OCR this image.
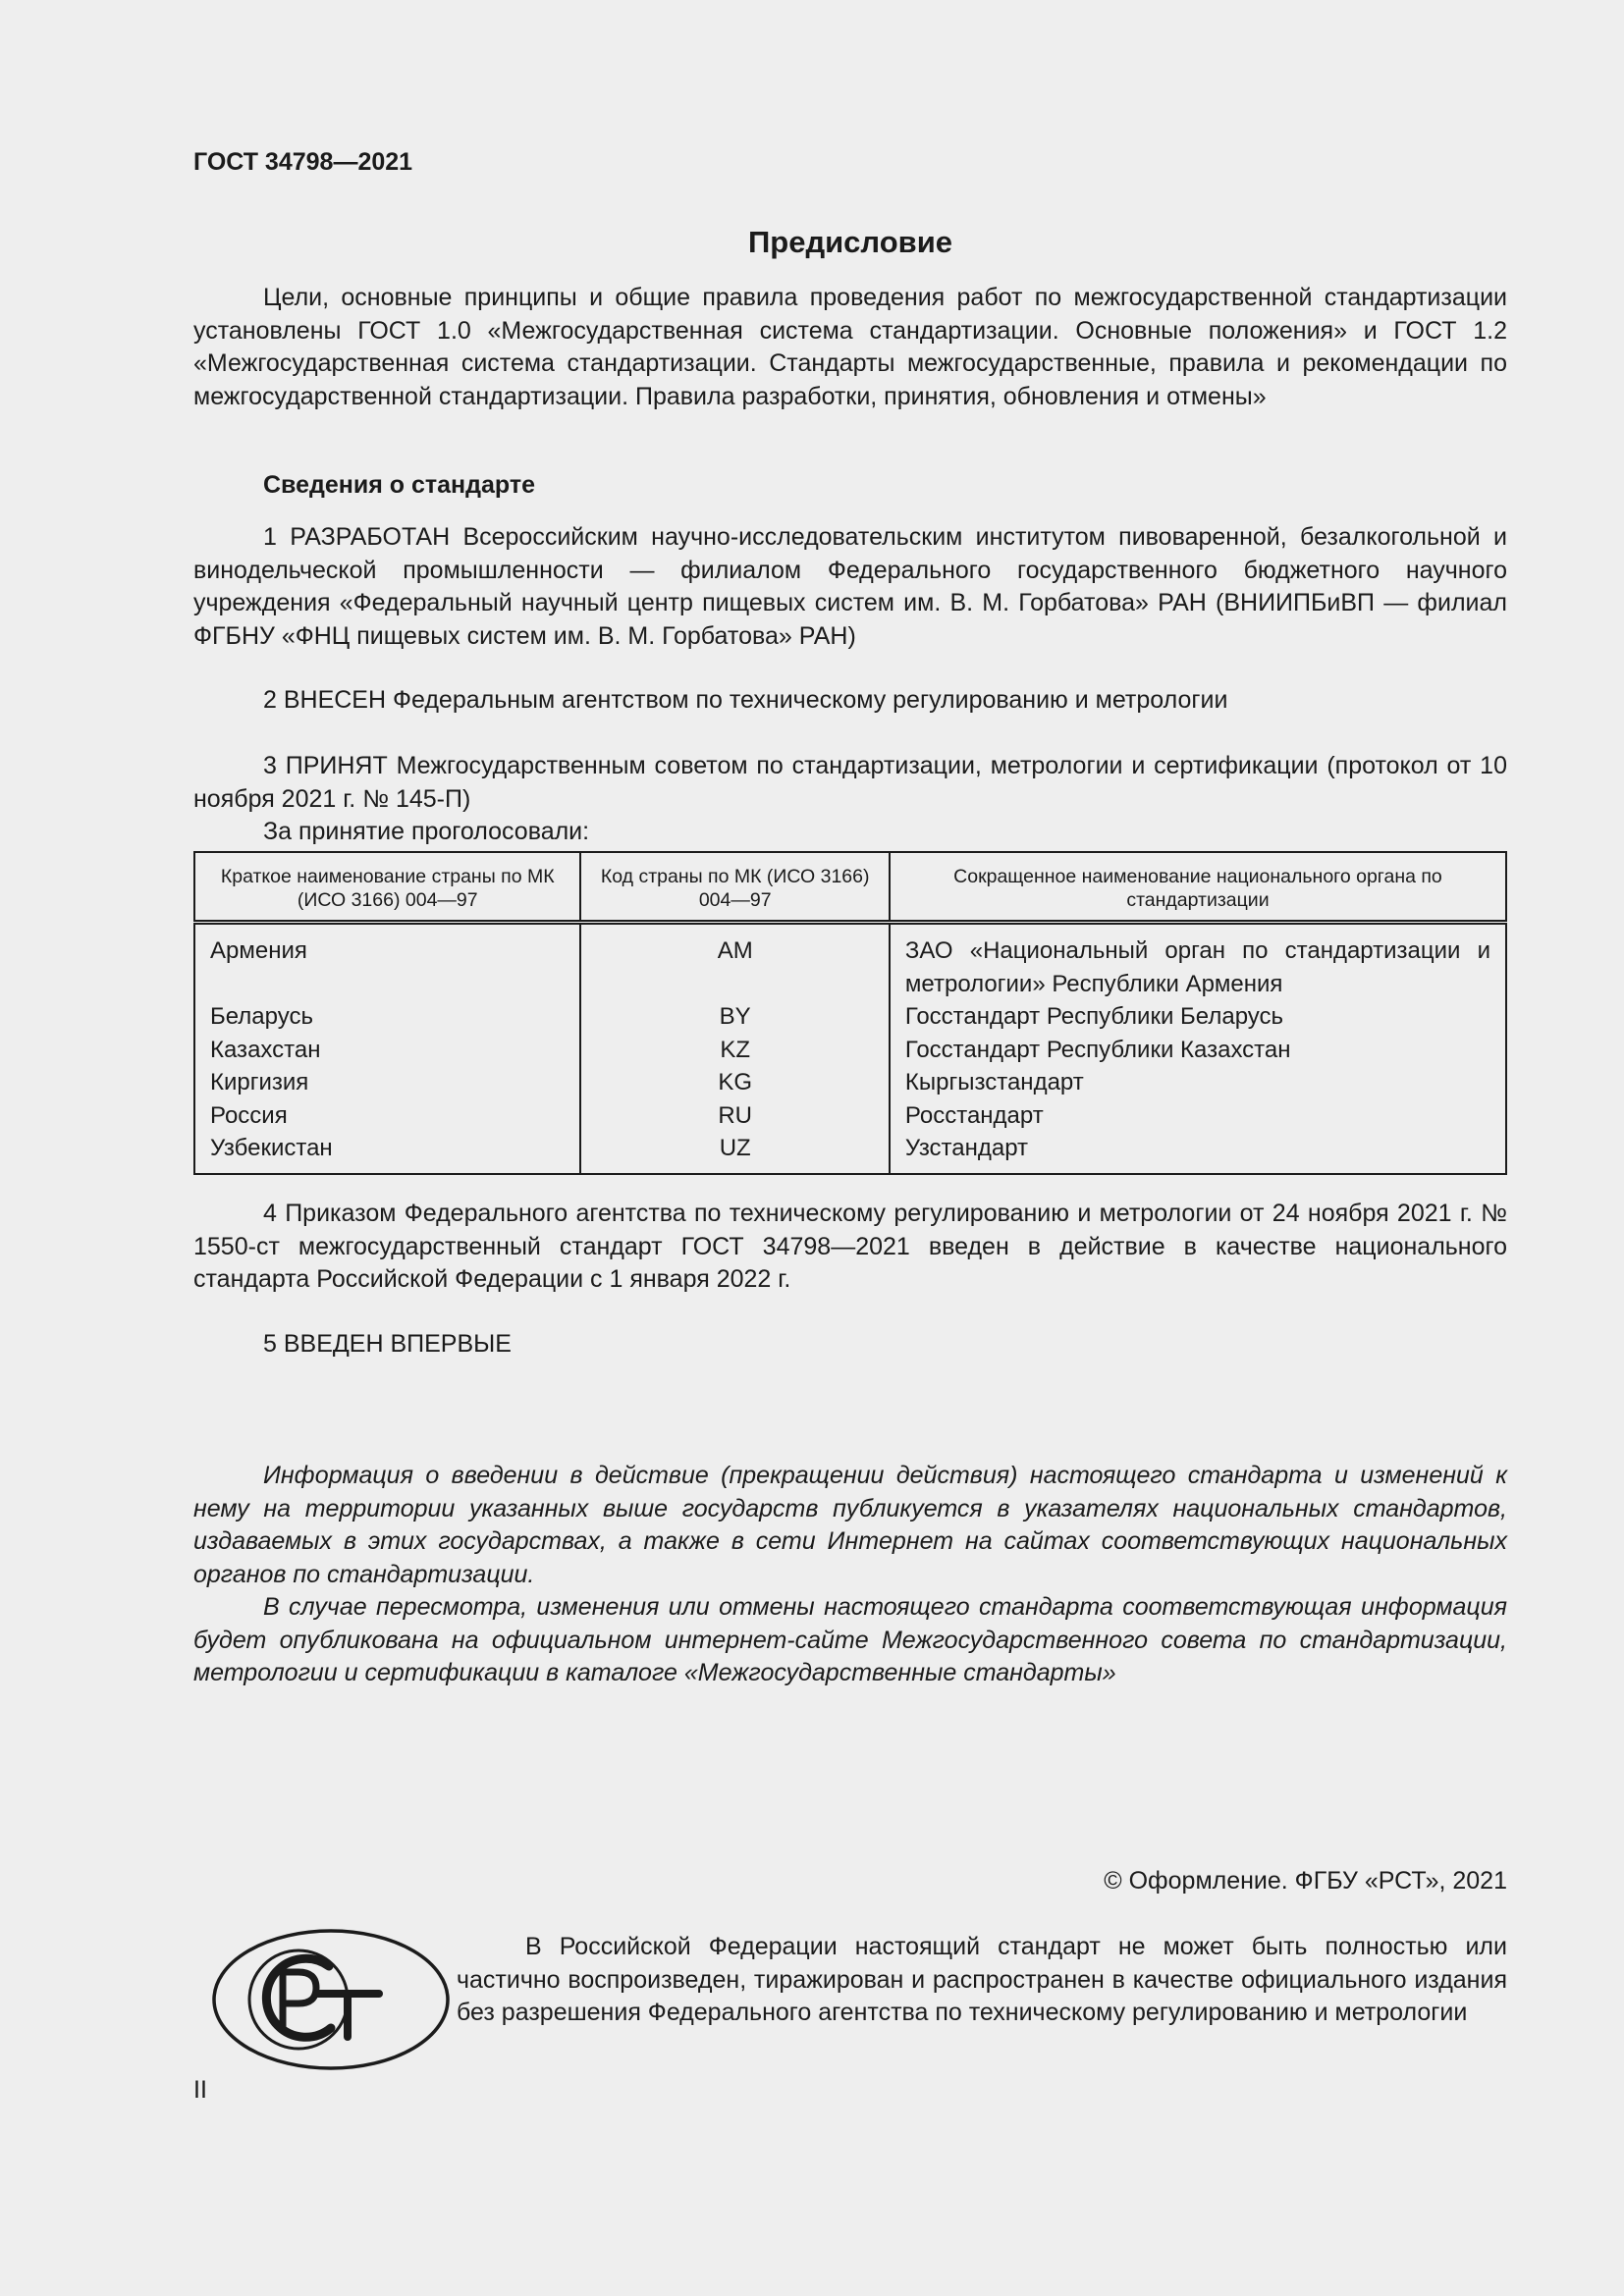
ГОСТ 34798—2021
Предисловие

Цели, основные принципы и общие правила проведения работ по межгосударственной стандартизации установлены ГОСТ 1.0 «Межгосударственная система стандартизации. Основные положения» и ГОСТ 1.2 «Межгосударственная система стандартизации. Стандарты межгосударственные, правила и рекомендации по межгосударственной стандартизации. Правила разработки, принятия, обновления и отмены»

Сведения о стандарте

1 РАЗРАБОТАН Всероссийским научно-исследовательским институтом пивоваренной, безалкогольной и винодельческой промышленности — филиалом Федерального государственного бюджетного научного учреждения «Федеральный научный центр пищевых систем им. В. М. Горбатова» РАН (ВНИИПБиВП — филиал ФГБНУ «ФНЦ пищевых систем им. В. М. Горбатова» РАН)

2 ВНЕСЕН Федеральным агентством по техническому регулированию и метрологии

3 ПРИНЯТ Межгосударственным советом по стандартизации, метрологии и сертификации (протокол от 10 ноября 2021 г. № 145-П)

За принятие проголосовали:

Краткое наименование страны по МК (ИСО 3166) 004—97	Код страны по МК (ИСО 3166) 004—97	Сокращенное наименование национального органа по стандартизации
Армения	AM	ЗАО «Национальный орган по стандартизации и метрологии» Республики Армения
Беларусь	BY	Госстандарт Республики Беларусь
Казахстан	KZ	Госстандарт Республики Казахстан
Киргизия	KG	Кыргызстандарт
Россия	RU	Росстандарт
Узбекистан	UZ	Узстандарт

4 Приказом Федерального агентства по техническому регулированию и метрологии от 24 ноября 2021 г. № 1550-ст межгосударственный стандарт ГОСТ 34798—2021 введен в действие в качестве национального стандарта Российской Федерации с 1 января 2022 г.

5 ВВЕДЕН ВПЕРВЫЕ

Информация о введении в действие (прекращении действия) настоящего стандарта и изменений к нему на территории указанных выше государств публикуется в указателях национальных стандартов, издаваемых в этих государствах, а также в сети Интернет на сайтах соответствующих национальных органов по стандартизации.

В случае пересмотра, изменения или отмены настоящего стандарта соответствующая информация будет опубликована на официальном интернет-сайте Межгосударственного совета по стандартизации, метрологии и сертификации в каталоге «Межгосударственные стандарты»

© Оформление. ФГБУ «РСТ», 2021

В Российской Федерации настоящий стандарт не может быть полностью или частично воспроизведен, тиражирован и распространен в качестве официального издания без разрешения Федерального агентства по техническому регулированию и метрологии

II
